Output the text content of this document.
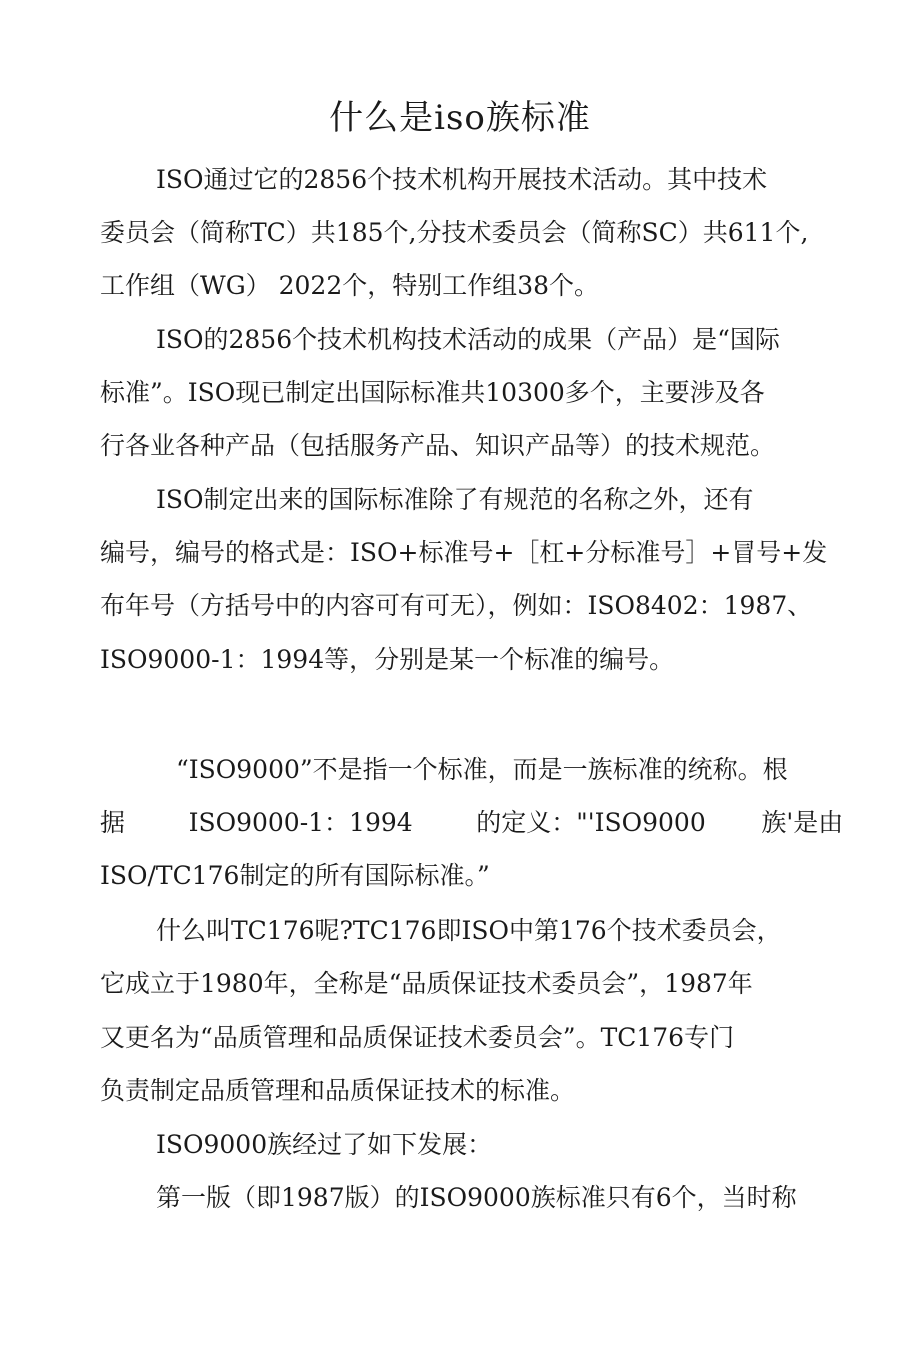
什么是iso族标准
ISO通过它的2856个技术机构开展技术活动。其中技术
委员会（简称TC）共185个,分技术委员会（简称SC）共611个,
工作组（WG） 2022个，特别工作组38个。
ISO的2856个技术机构技术活动的成果（产品）是“国际
标准”。ISO现已制定出国际标准共10300多个，主要涉及各
行各业各种产品（包括服务产品、知识产品等）的技术规范。
ISO制定出来的国际标准除了有规范的名称之外，还有
编号，编号的格式是：ISO+标准号+［杠+分标准号］+冒号+发
布年号（方括号中的内容可有可无），例如：ISO8402：1987、
ISO9000-1：1994等，分别是某一个标准的编号。
“ISO9000”不是指一个标准，而是一族标准的统称。根
据        ISO9000-1：1994        的定义："'ISO9000       族'是由
ISO/TC176制定的所有国际标准。”
什么叫TC176呢?TC176即ISO中第176个技术委员会，
它成立于1980年，全称是“品质保证技术委员会”，1987年
又更名为“品质管理和品质保证技术委员会”。TC176专门
负责制定品质管理和品质保证技术的标准。
ISO9000族经过了如下发展：
第一版（即1987版）的ISO9000族标准只有6个，当时称
